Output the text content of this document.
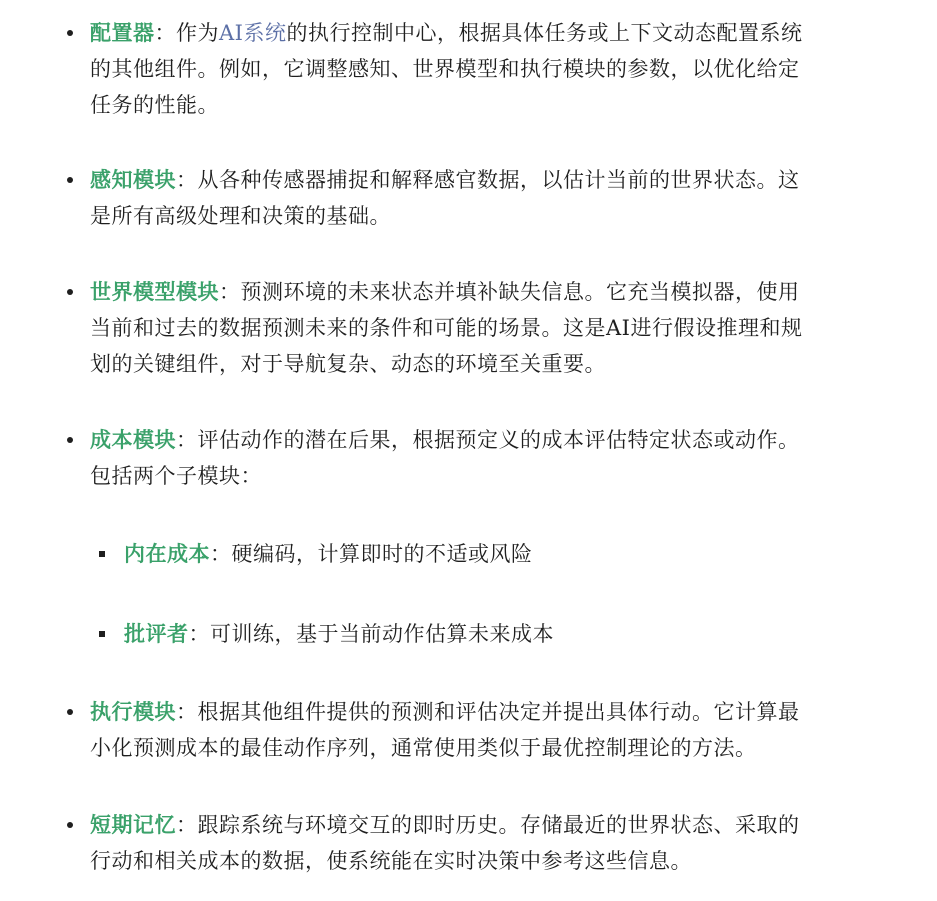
配置器：作为AI系统的执行控制中心，根据具体任务或上下文动态配置系统的其他组件。例如，它调整感知、世界模型和执行模块的参数，以优化给定任务的性能。
感知模块：从各种传感器捕捉和解释感官数据，以估计当前的世界状态。这是所有高级处理和决策的基础。
世界模型模块：预测环境的未来状态并填补缺失信息。它充当模拟器，使用当前和过去的数据预测未来的条件和可能的场景。这是AI进行假设推理和规划的关键组件，对于导航复杂、动态的环境至关重要。
成本模块：评估动作的潜在后果，根据预定义的成本评估特定状态或动作。包括两个子模块：
内在成本：硬编码，计算即时的不适或风险
批评者：可训练，基于当前动作估算未来成本
执行模块：根据其他组件提供的预测和评估决定并提出具体行动。它计算最小化预测成本的最佳动作序列，通常使用类似于最优控制理论的方法。
短期记忆：跟踪系统与环境交互的即时历史。存储最近的世界状态、采取的行动和相关成本的数据，使系统能在实时决策中参考这些信息。
